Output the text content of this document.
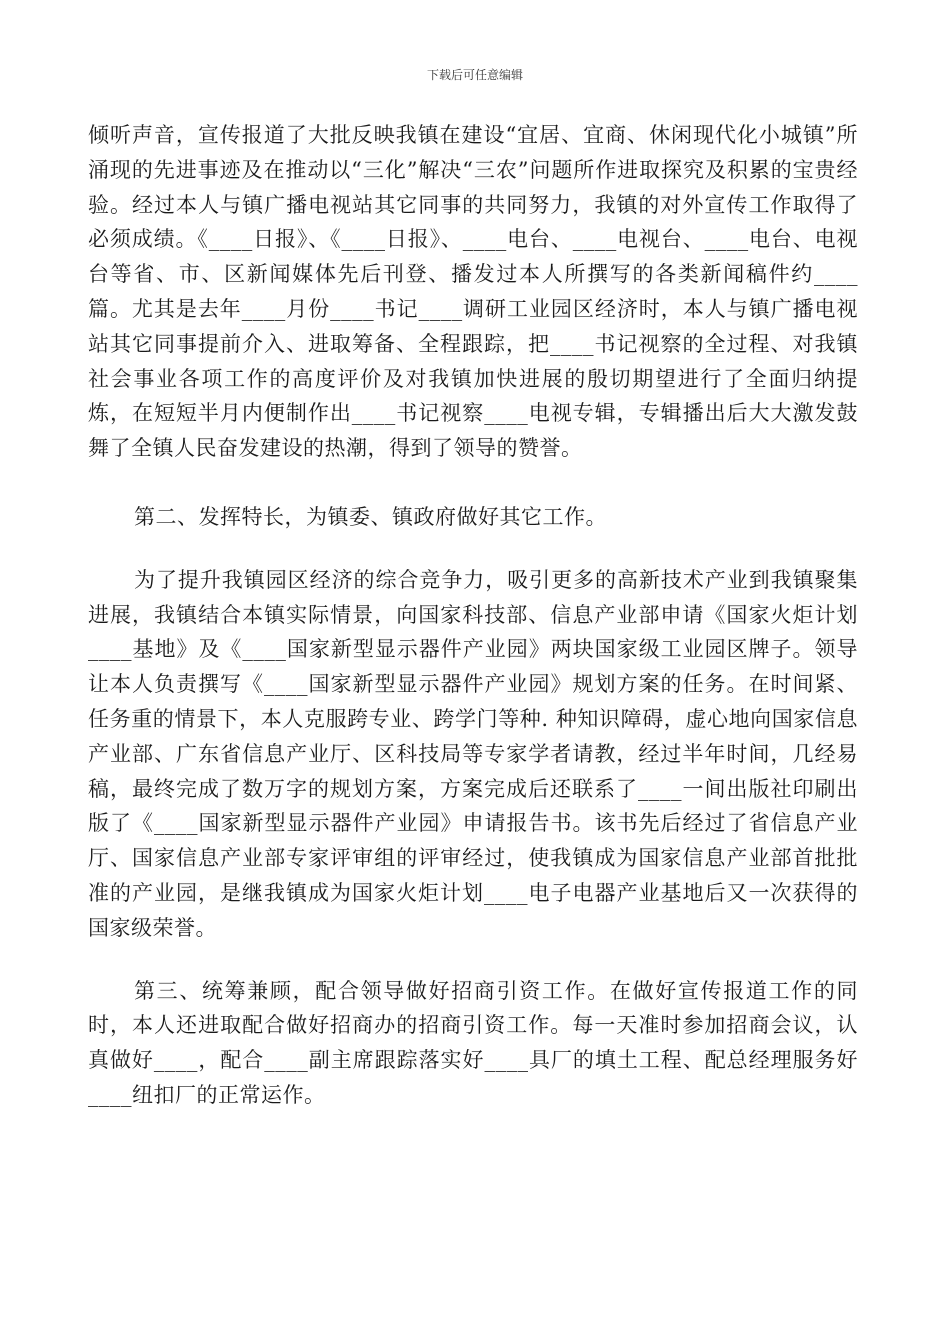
下载后可任意编辑

倾听声音，宣传报道了大批反映我镇在建设“宜居、宜商、休闲现代化小城镇”所涌现的先进事迹及在推动以“三化”解决“三农”问题所作进取探究及积累的宝贵经验。经过本人与镇广播电视站其它同事的共同努力，我镇的对外宣传工作取得了必须成绩。《____日报》、《____日报》、____电台、____电视台、____电台、电视台等省、市、区新闻媒体先后刊登、播发过本人所撰写的各类新闻稿件约____篇。尤其是去年____月份____书记____调研工业园区经济时，本人与镇广播电视站其它同事提前介入、进取筹备、全程跟踪，把____书记视察的全过程、对我镇社会事业各项工作的高度评价及对我镇加快进展的殷切期望进行了全面归纳提炼，在短短半月内便制作出____书记视察____电视专辑，专辑播出后大大激发鼓舞了全镇人民奋发建设的热潮，得到了领导的赞誉。

第二、发挥特长，为镇委、镇政府做好其它工作。

为了提升我镇园区经济的综合竞争力，吸引更多的高新技术产业到我镇聚集进展，我镇结合本镇实际情景，向国家科技部、信息产业部申请《国家火炬计划____基地》及《____国家新型显示器件产业园》两块国家级工业园区牌子。领导让本人负责撰写《____国家新型显示器件产业园》规划方案的任务。在时间紧、任务重的情景下，本人克服跨专业、跨学门等种. 种知识障碍，虚心地向国家信息产业部、广东省信息产业厅、区科技局等专家学者请教，经过半年时间，几经易稿，最终完成了数万字的规划方案，方案完成后还联系了____一间出版社印刷出版了《____国家新型显示器件产业园》申请报告书。该书先后经过了省信息产业厅、国家信息产业部专家评审组的评审经过，使我镇成为国家信息产业部首批批准的产业园，是继我镇成为国家火炬计划____电子电器产业基地后又一次获得的国家级荣誉。

第三、统筹兼顾，配合领导做好招商引资工作。在做好宣传报道工作的同时，本人还进取配合做好招商办的招商引资工作。每一天准时参加招商会议，认真做好____，配合____副主席跟踪落实好____具厂的填土工程、配总经理服务好____纽扣厂的正常运作。
